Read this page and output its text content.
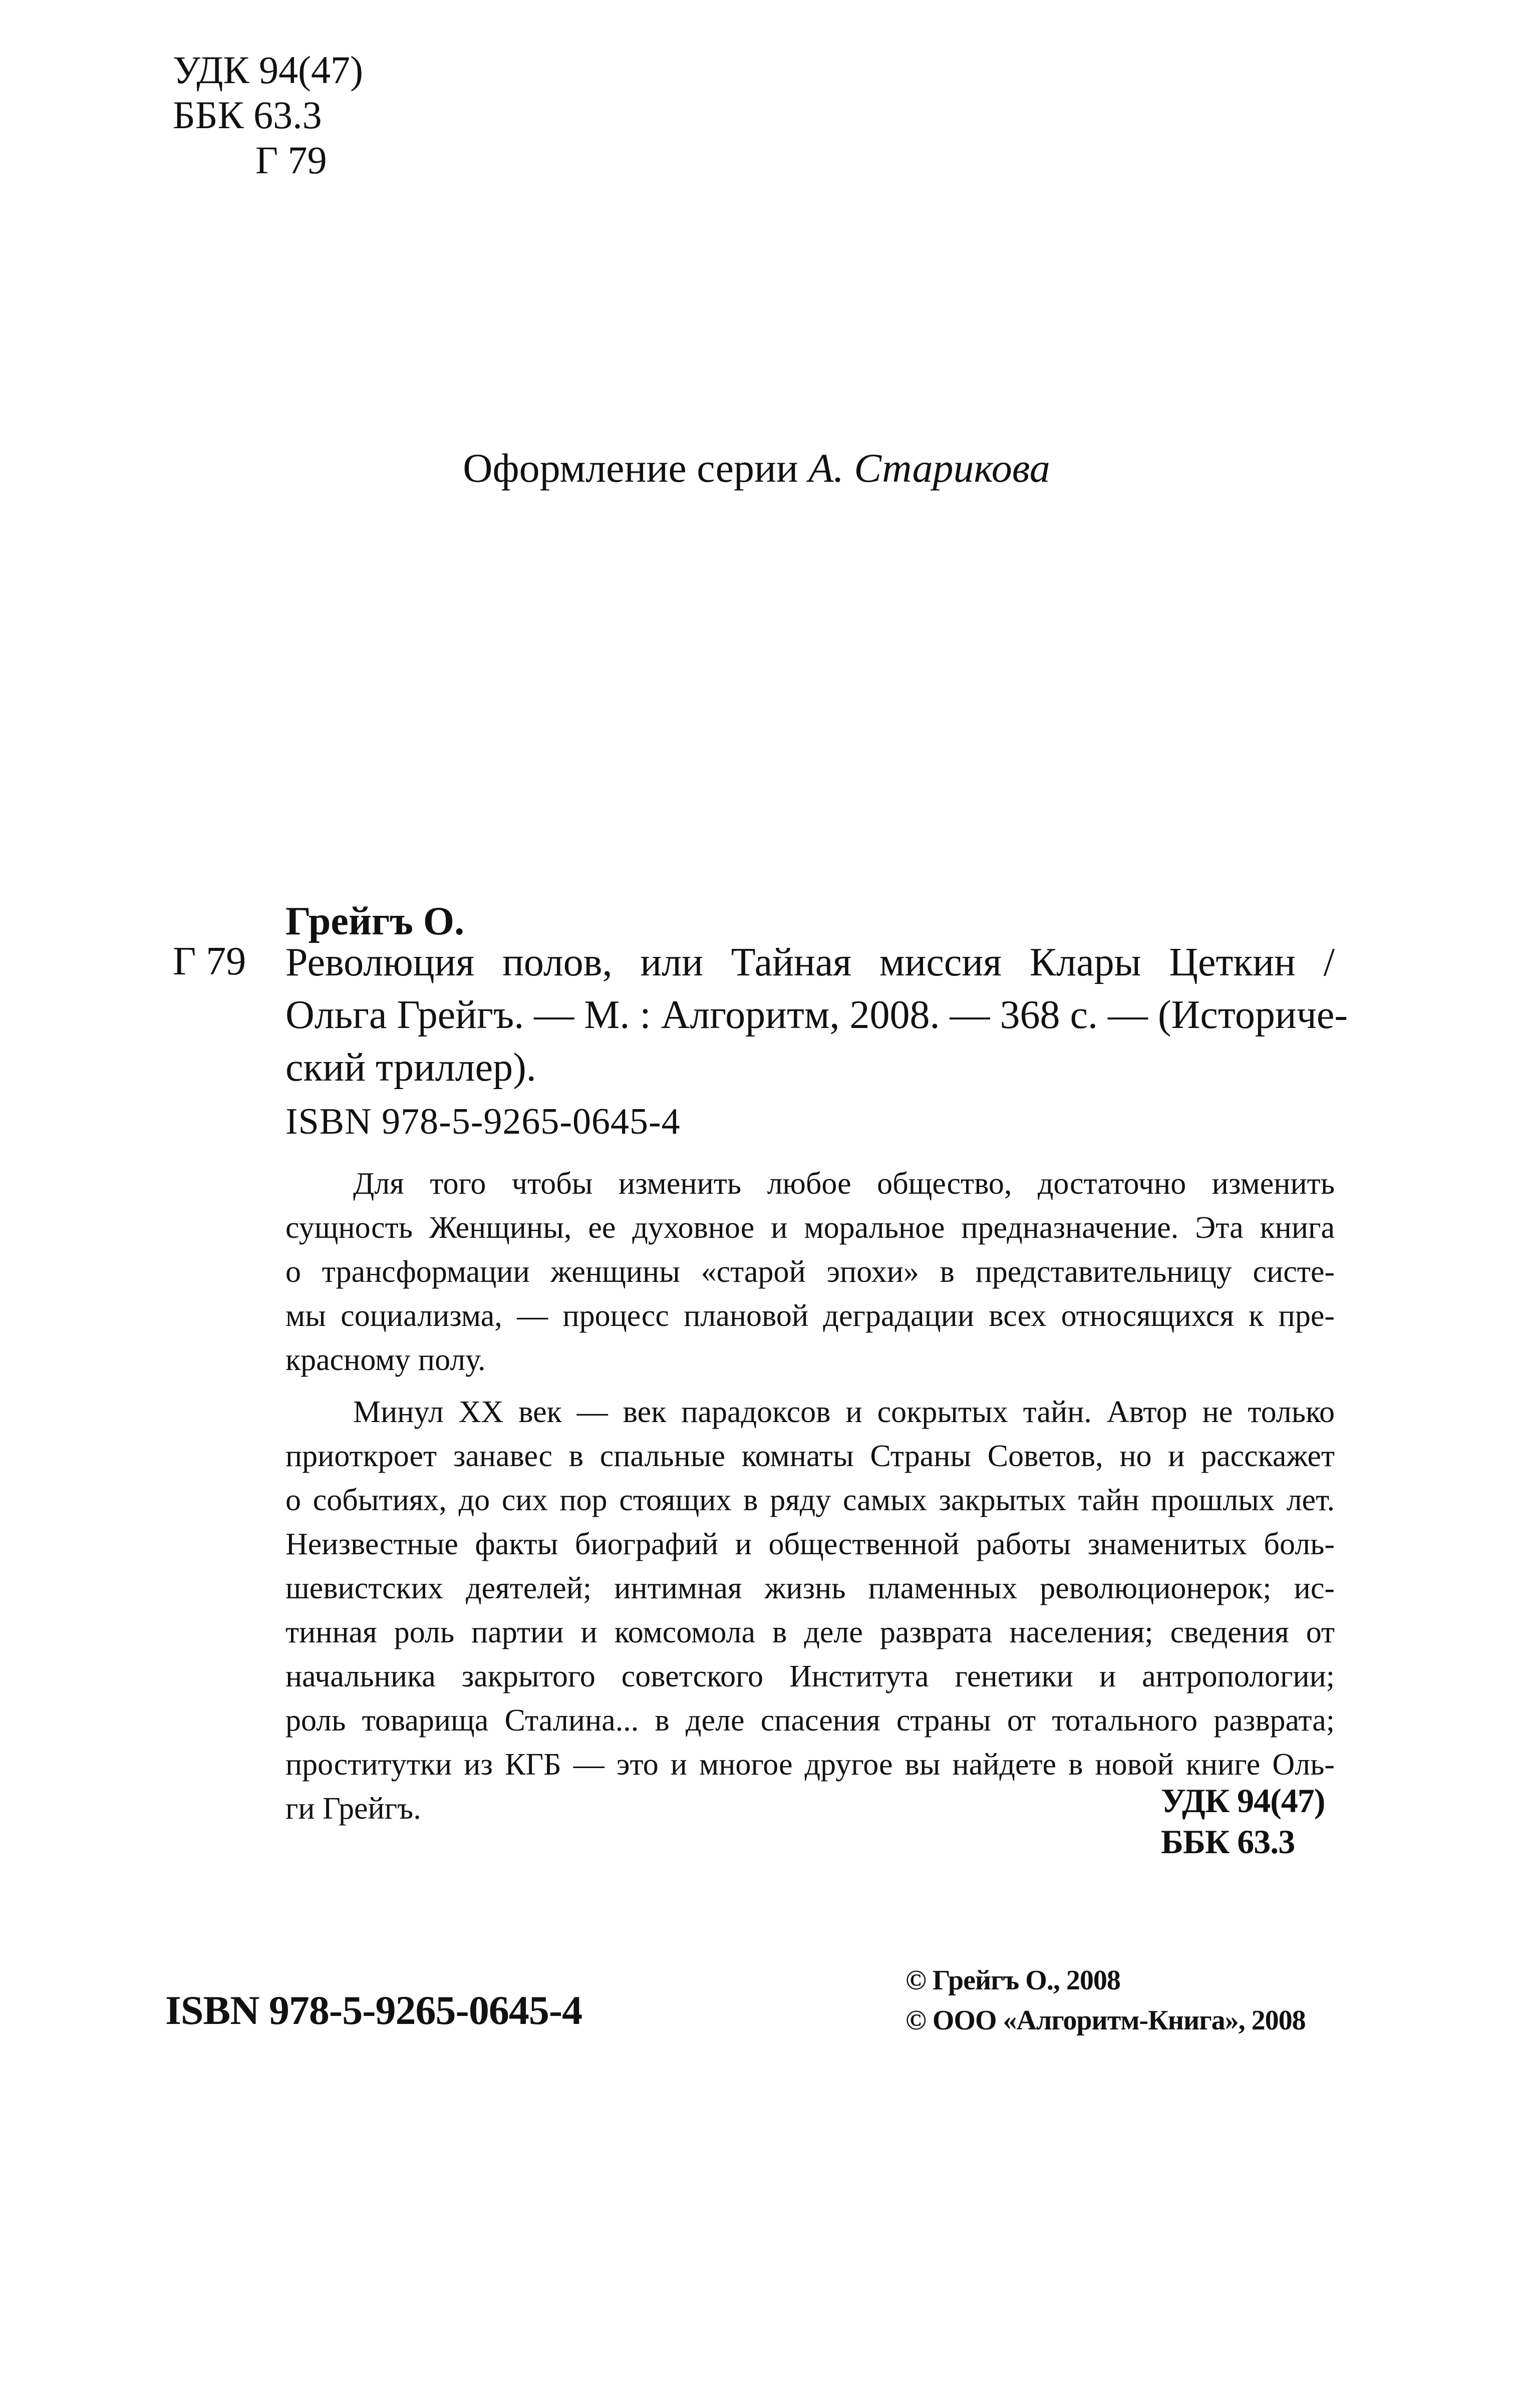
УДК 94(47)
ББК 63.3
Г 79
Оформление серии А. Старикова
Грейгъ О.
Г 79 Революция полов, или Тайная миссия Клары Цеткин /
Ольга Грейгъ. — М. : Алгоритм, 2008. — 368 с. — (Историче-
ский триллер).
ISBN 978-5-9265-0645-4
Для того чтобы изменить любое общество, достаточно изменить
сущность Женщины, ее духовное и моральное предназначение. Эта книга
о трансформации женщины «старой эпохи» в представительницу систе-
мы социализма, — процесс плановой деградации всех относящихся к пре-
красному полу.
Минул XX век — век парадоксов и сокрытых тайн. Автор не только
приоткроет занавес в спальные комнаты Страны Советов, но и расскажет
о событиях, до сих пор стоящих в ряду самых закрытых тайн прошлых лет.
Неизвестные факты биографий и общественной работы знаменитых боль-
шевистских деятелей; интимная жизнь пламенных революционерок; ис-
тинная роль партии и комсомола в деле разврата населения; сведения от
начальника закрытого советского Института генетики и антропологии;
роль товарища Сталина... в деле спасения страны от тотального разврата;
проститутки из КГБ — это и многое другое вы найдете в новой книге Оль-
ги Грейгъ.	УДК 94(47)
ББК 63.3
ISBN 978-5-9265-0645-4
© Грейгъ О., 2008
© ООО «Алгоритм-Книга», 2008
